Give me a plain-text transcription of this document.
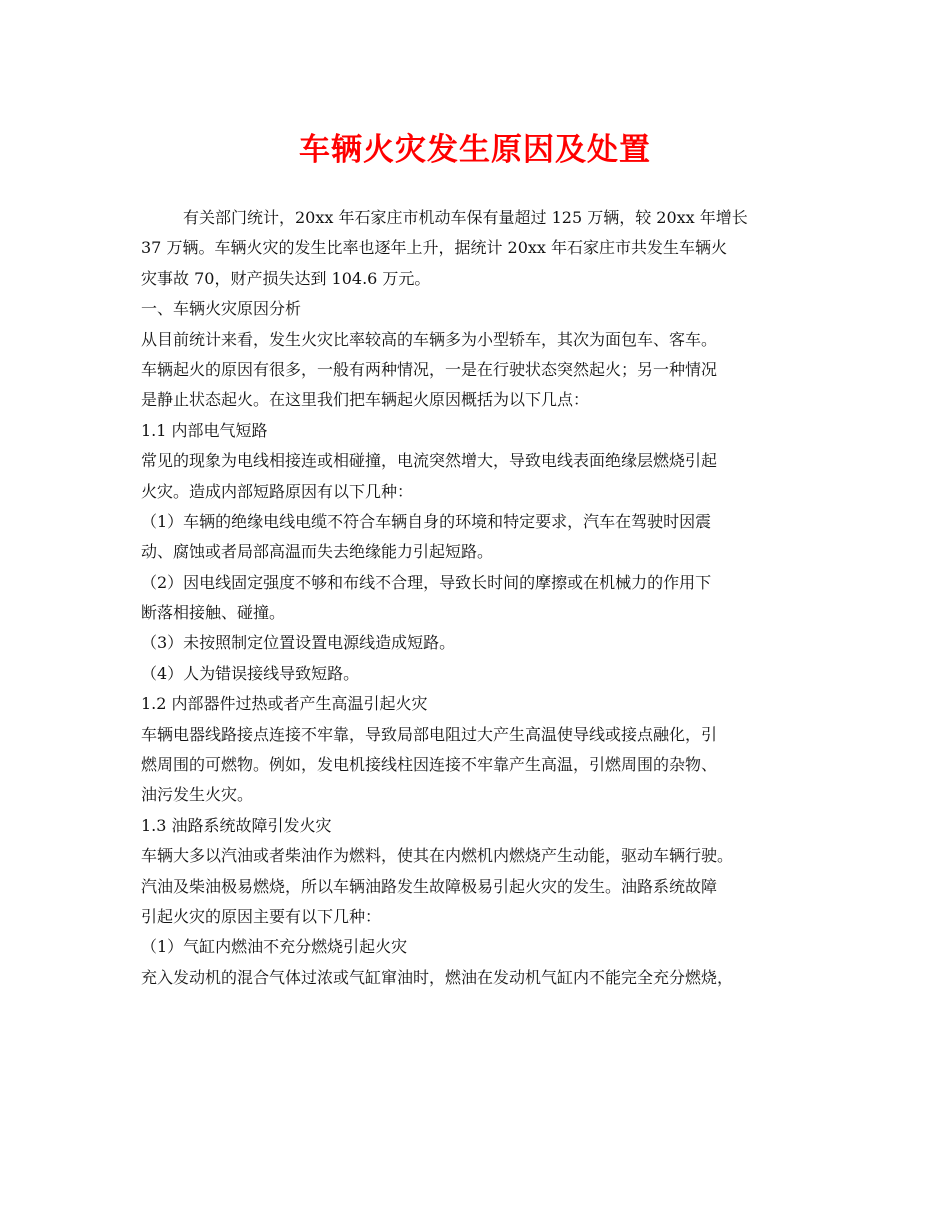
车辆火灾发生原因及处置
有关部门统计，20xx 年石家庄市机动车保有量超过 125 万辆，较 20xx 年增长
37 万辆。车辆火灾的发生比率也逐年上升，据统计 20xx 年石家庄市共发生车辆火
灾事故 70，财产损失达到 104.6 万元。
一、车辆火灾原因分析
从目前统计来看，发生火灾比率较高的车辆多为小型轿车，其次为面包车、客车。
车辆起火的原因有很多，一般有两种情况，一是在行驶状态突然起火；另一种情况
是静止状态起火。在这里我们把车辆起火原因概括为以下几点：
1.1 内部电气短路
常见的现象为电线相接连或相碰撞，电流突然增大，导致电线表面绝缘层燃烧引起
火灾。造成内部短路原因有以下几种：
（1）车辆的绝缘电线电缆不符合车辆自身的环境和特定要求，汽车在驾驶时因震
动、腐蚀或者局部高温而失去绝缘能力引起短路。
（2）因电线固定强度不够和布线不合理，导致长时间的摩擦或在机械力的作用下
断落相接触、碰撞。
（3）未按照制定位置设置电源线造成短路。
（4）人为错误接线导致短路。
1.2 内部器件过热或者产生高温引起火灾
车辆电器线路接点连接不牢靠，导致局部电阻过大产生高温使导线或接点融化，引
燃周围的可燃物。例如，发电机接线柱因连接不牢靠产生高温，引燃周围的杂物、
油污发生火灾。
1.3 油路系统故障引发火灾
车辆大多以汽油或者柴油作为燃料，使其在内燃机内燃烧产生动能，驱动车辆行驶。
汽油及柴油极易燃烧，所以车辆油路发生故障极易引起火灾的发生。油路系统故障
引起火灾的原因主要有以下几种：
（1）气缸内燃油不充分燃烧引起火灾
充入发动机的混合气体过浓或气缸窜油时，燃油在发动机气缸内不能完全充分燃烧，
